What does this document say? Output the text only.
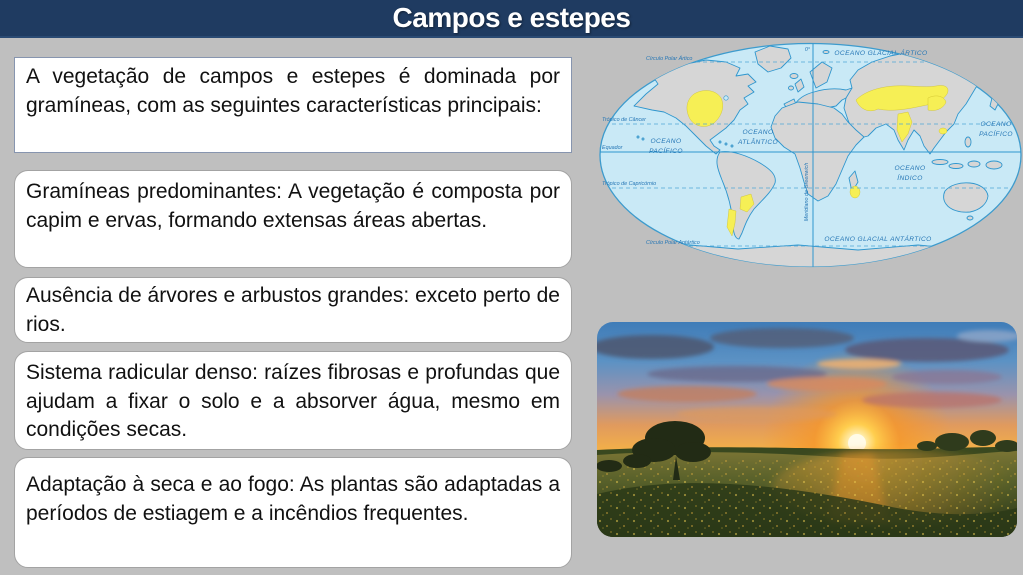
Campos e estepes
A vegetação de campos e estepes é dominada por gramíneas, com as seguintes características principais:
Gramíneas predominantes: A vegetação é composta por capim e ervas, formando extensas áreas abertas.
Ausência de árvores e arbustos grandes: exceto perto de rios.
Sistema radicular denso: raízes fibrosas e profundas que ajudam a fixar o solo e a absorver água, mesmo em condições secas.
Adaptação à seca e ao fogo: As plantas são adaptadas a períodos de estiagem e a incêndios frequentes.
OCEANO GLACIAL ÁRTICO
0°
Círculo Polar Ártico
Trópico de Câncer
Equador
Trópico de Capricórnio
OCEANO
PACÍFICO
OCEANO
ATLÂNTICO
OCEANO
ÍNDICO
OCEANO
PACÍFICO
Meridiano de Greenwich
OCEANO GLACIAL ANTÁRTICO
Círculo Polar Antártico
